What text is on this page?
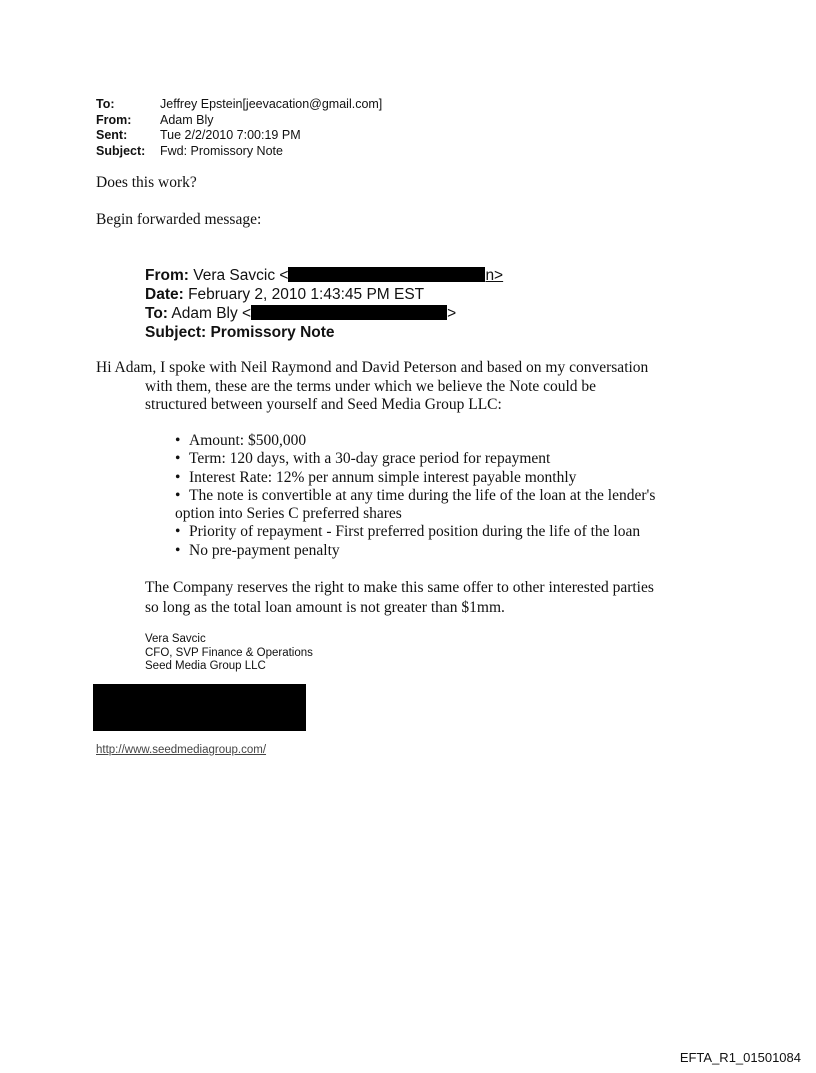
To:	Jeffrey Epstein[jeevacation@gmail.com]
From:	Adam Bly
Sent:	Tue 2/2/2010 7:00:19 PM
Subject:	Fwd: Promissory Note
Does this work?
Begin forwarded message:
From: Vera Savcic <	n>
Date: February 2, 2010 1:43:45 PM EST
To: Adam Bly <	>
Subject: Promissory Note
Hi Adam, I spoke with Neil Raymond and David Peterson and based on my conversation
with them, these are the terms under which we believe the Note could be
structured between yourself and Seed Media Group LLC:
• Amount: $500,000
• Term: 120 days, with a 30-day grace period for repayment
• Interest Rate: 12% per annum simple interest payable monthly
• The note is convertible at any time during the life of the loan at the lender's
option into Series C preferred shares
• Priority of repayment - First preferred position during the life of the loan
• No pre-payment penalty
The Company reserves the right to make this same offer to other interested parties
so long as the total loan amount is not greater than $1mm.
Vera Savcic
CFO, SVP Finance & Operations
Seed Media Group LLC
http://www.seedmediagroup.com/
EFTA_R1_01501084
